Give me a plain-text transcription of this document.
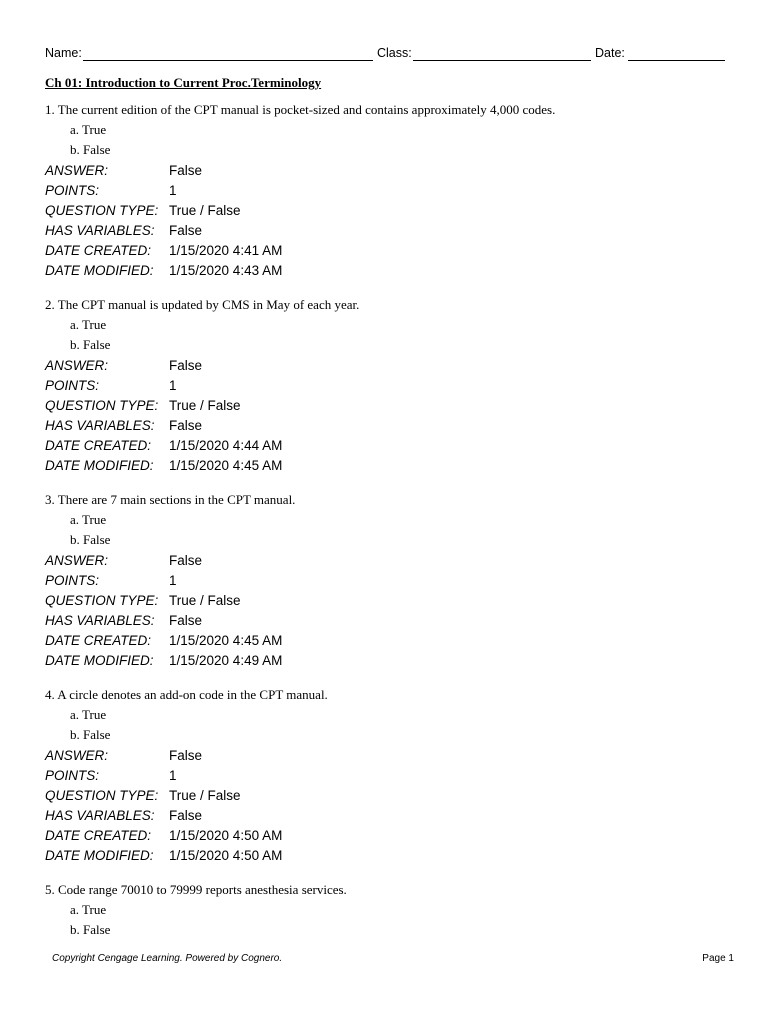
Name:	Class:	Date:
Ch 01: Introduction to Current Proc.Terminology
1. The current edition of the CPT manual is pocket-sized and contains approximately 4,000 codes.
a. True
b. False
ANSWER:	False
POINTS:	1
QUESTION TYPE: True / False
HAS VARIABLES: False
DATE CREATED: 1/15/2020 4:41 AM
DATE MODIFIED: 1/15/2020 4:43 AM
2. The CPT manual is updated by CMS in May of each year.
a. True
b. False
ANSWER:	False
POINTS:	1
QUESTION TYPE: True / False
HAS VARIABLES: False
DATE CREATED: 1/15/2020 4:44 AM
DATE MODIFIED: 1/15/2020 4:45 AM
3. There are 7 main sections in the CPT manual.
a. True
b. False
ANSWER:	False
POINTS:	1
QUESTION TYPE: True / False
HAS VARIABLES: False
DATE CREATED: 1/15/2020 4:45 AM
DATE MODIFIED: 1/15/2020 4:49 AM
4. A circle denotes an add-on code in the CPT manual.
a. True
b. False
ANSWER:	False
POINTS:	1
QUESTION TYPE: True / False
HAS VARIABLES: False
DATE CREATED: 1/15/2020 4:50 AM
DATE MODIFIED: 1/15/2020 4:50 AM
5. Code range 70010 to 79999 reports anesthesia services.
a. True
b. False
Copyright Cengage Learning. Powered by Cognero.	Page 1
